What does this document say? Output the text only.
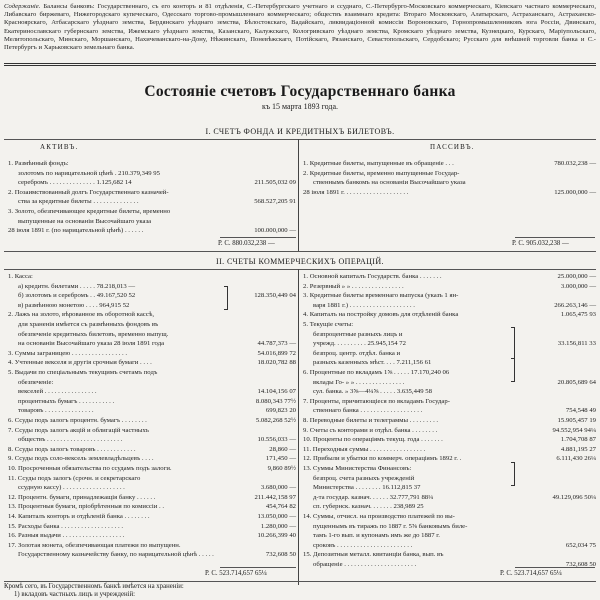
Содержаніе. Балансы банковъ: Государственнаго, съ его конторъ и 81 отдѣленія, С.-Петербургскаго учетнаго и ссуднаго, С.-Петербурго-Московскаго коммерческаго, Кіевскаго частнаго коммерческаго, Либавскаго биржеваго, Нижегородскаго купеческаго, Одесскаго торгово-промышленнаго коммерческаго; обществъ взаимнаго кредита: Втораго Московскаго, Алатырскаго, Астраханскаго, Астраханско-Красноярскаго, Атбасарскаго уѣзднаго земства, Бердянскаго уѣзднаго земства, Бѣлостокскаго, Вадайскаго, ликвидаціонной комиссіи Вороновскаго, Горнопромышленниковъ юга Россіи, Двинскаго, Екатеринославскаго губернскаго земства, Ижемскаго уѣзднаго земства, Казанскаго, Калужскаго, Кологривскаго уѣзднаго земства, Кромскаго уѣзднаго земства, Кузнецкаго, Курскаго, Маріупольскаго, Мелитопольскаго, Минскаго, Моршанскаго, Нахичеванскаго-на-Дону, Нѣжинскаго, Поневѣжскаго, Потійскаго, Рязанскаго, Севастопольскаго, Сердобскаго; Русскаго для внѣшней торговли банка и С.-Петербургъ и Харьковскаго земельнаго банка.
Состояніе счетовъ Государственнаго банка
къ 15 марта 1893 года.
I. СЧЕТЪ ФОНДА И КРЕДИТНЫХЪ БИЛЕТОВЪ.
АКТИВЪ.	ПАССИВЪ.
1. Размѣнный фондъ:
золотомъ по нарицательной цѣнѣ . 210.379,349 95
серебромъ . . . . . . . . . . . . . . 1.125,682 14	211.505,032 09
2. Позаимствованный долгъ Государственнаго казначей-
ства за кредитные билеты . . . . . . . . . . . . . .	568.527,205 91
3. Золото, обезпечивающее кредитные билеты, временно
выпущенные на основаніи Высочайшаго указа
28 іюля 1891 г. (по нарицательной цѣнѣ) . . . . . .	100.000,000 —
1. Кредитные билеты, выпущенные въ обращеніе . . .	780.032,238 —
2. Кредитные билеты, временно выпущенные Государ-
ственнымъ банкомъ на основаніи Высочайшаго указа
28 іюля 1891 г. . . . . . . . . . . . . . . . . . . .	125.000,000 —
Р. С. 880.032,238 —	Р. С. 905.032,238 —
II. СЧЕТЫ КОММЕРЧЕСКИХЪ ОПЕРАЦІЙ.
1. Касса:
а) кредитн. билетами . . . . . 78.218,013 —
б) золотомъ и серебромъ . . 49.167,520 52	128.350,449 04
в) размѣнною монетою . . . . 964,915 52
2. Лажъ на золото, вѣрованное въ оборотной кассѣ,
для храненія имѣется съ размѣнныхъ фондовъ въ
обезпеченіе кредитныхъ билетовъ, временно выпущ.
на основаніи Высочайшаго указа 28 іюля 1891 года	44.787,373 —
3. Суммы заграницею . . . . . . . . . . . . . . . . .	54.016,899 72
4. Учтенные векселя и другія срочныя бумаги . . . .	18.020,782 88
5. Выдачи по спеціальнымъ текущимъ счетамъ подъ
обезпеченіе:
векселей . . . . . . . . . . . . . . . .	14.104,156 07
процентныхъ бумагъ . . . . . . . . . . .	8.080,343 77½
товаровъ . . . . . . . . . . . . . . .	699,823 20
6. Ссуды подъ залогъ процентн. бумагъ . . . . . . . .	5.082,268 52½
7. Ссуды подъ залогъ акцій и облигацій частныхъ
обществъ . . . . . . . . . . . . . . . . . . . . . . .	10.556,033 —
8. Ссуды подъ залогъ товаровъ . . . . . . . . . . . .	28,860 —
9. Ссуды подъ соло-вексель землевладѣльцевъ . . . .	171,450 —
10. Просроченныя обязательства по ссудамъ подъ залоги.	9,860 89½
11. Ссуды подъ залогъ (срочн. и секретарскаго
ссудную кассу) . . . . . . . . . . . . . . . . . . .	3.680,000 —
12. Процентн. бумаги, принадлежащія банку . . . . . .	211.442,158 97
13. Процентныя бумаги, пріобрѣтенныя по комиссіи . .	454,764 82
14. Капиталъ конторъ и отдѣленій банка . . . . . . . .	13.050,000 —
15. Расходы банка . . . . . . . . . . . . . . . . . . .	1.280,000 —
16. Разныя выдачи . . . . . . . . . . . . . . . . . . .	10.266,399 40
17. Золотая монета, обезпечивающая платежи по выпущенн.
Государственному казначейству банку, по нарицательной цѣнѣ . . . . .	732,608 50
1. Основной капиталъ Государств. банка . . . . . . .	25.000,000 —
2. Резервный » » . . . . . . . . . . . . . . . .	3.000,000 —
3. Кредитные билеты временнаго выпуска (указъ 1 ян-
варя 1881 г.) . . . . . . . . . . . . . . . . . . . .	266.263,146 —
4. Капиталъ на постройку домовъ для отдѣленій банка	1.065,475 93
5. Текущіе счеты:
безпроцентные разныхъ лицъ и
учрежд. . . . . . . . . . 25.945,154 72	33.156,811 33
безпроц. центр. отдѣл. банка и
разныхъ казенныхъ мѣст. . . . 7.211,156 61
6. Процентные по вкладамъ 1⅝ . . . . . 17.170,240 06
вклады Го- » » . . . . . . . . . . . . . . .	20.805,689 64
сул. банка. » 3⅝—4¼⅝ . . . . . 3.635,449 58
7. Проценты, причитающіеся по вкладамъ Государ-
ственнаго банка . . . . . . . . . . . . . . . . . . .	754,548 49
8. Переводные билеты и телеграммы . . . . . . . . .	15.905,457 19
9. Счеты съ конторами и отдѣл. банка . . . . . . . .	94.552,954 94¼
10. Проценты по операціямъ текущ. года . . . . . . .	1.704,708 87
11. Переходныя суммы . . . . . . . . . . . . . . . . .	4.881,195 27
12. Прибыли и убытки по коммерч. операціямъ 1892 г. .	6.111,430 26¼
13. Суммы Министерства Финансовъ:
безпроц. счета разныхъ учрежденій
Министерства . . . . . . . . 16.112,815 37
д-та государ. казнач. . . . . . 32.777,791 88¼	49.129,096 50¼
сп. губернск. казнач. . . . . . . 238,989 25
14. Суммы, отчисл. на производство платежей по вы-
пущеннымъ въ тиражъ по 1887 г. 5⅝ банковымъ биле-
тамъ 1-го вып. и купонамъ имъ же до 1887 г.
сроковъ . . . . . . . . . . . . . . . . . . . . . . .	652,034 75
15. Депозитныя металл. квитанціи банка, вып. въ
обращеніе . . . . . . . . . . . . . . . . . . . . . .	732,608 50
Р. С. 523.714,657 65¼	Р. С. 523.714,657 65¼
Кромѣ сего, въ Государственномъ банкѣ имѣется на храненіи:
1) вкладовъ частныхъ лицъ и учрежденій:
